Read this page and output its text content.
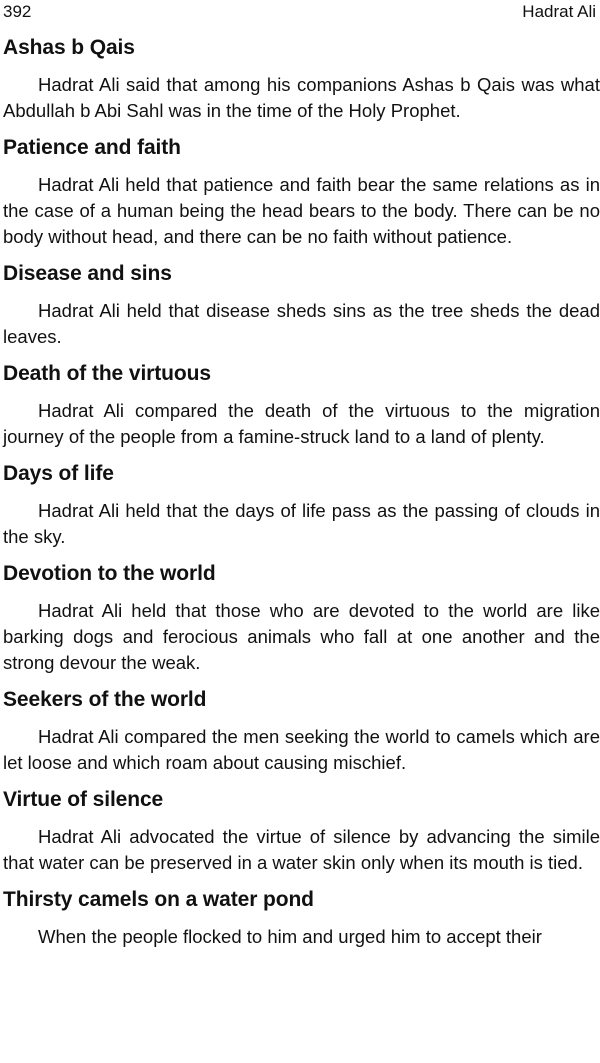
392	Hadrat Ali
Ashas b Qais

Hadrat Ali said that among his companions Ashas b Qais was what Abdullah b Abi Sahl was in the time of the Holy Prophet.

Patience and faith

Hadrat Ali held that patience and faith bear the same relations as in the case of a human being the head bears to the body. There can be no body without head, and there can be no faith without patience.

Disease and sins

Hadrat Ali held that disease sheds sins as the tree sheds the dead leaves.

Death of the virtuous

Hadrat Ali compared the death of the virtuous to the migration journey of the people from a famine-struck land to a land of plenty.

Days of life

Hadrat Ali held that the days of life pass as the passing of clouds in the sky.

Devotion to the world

Hadrat Ali held that those who are devoted to the world are like barking dogs and ferocious animals who fall at one another and the strong devour the weak.

Seekers of the world

Hadrat Ali compared the men seeking the world to camels which are let loose and which roam about causing mischief.

Virtue of silence

Hadrat Ali advocated the virtue of silence by advancing the simile that water can be preserved in a water skin only when its mouth is tied.

Thirsty camels on a water pond

When the people flocked to him and urged him to accept their
